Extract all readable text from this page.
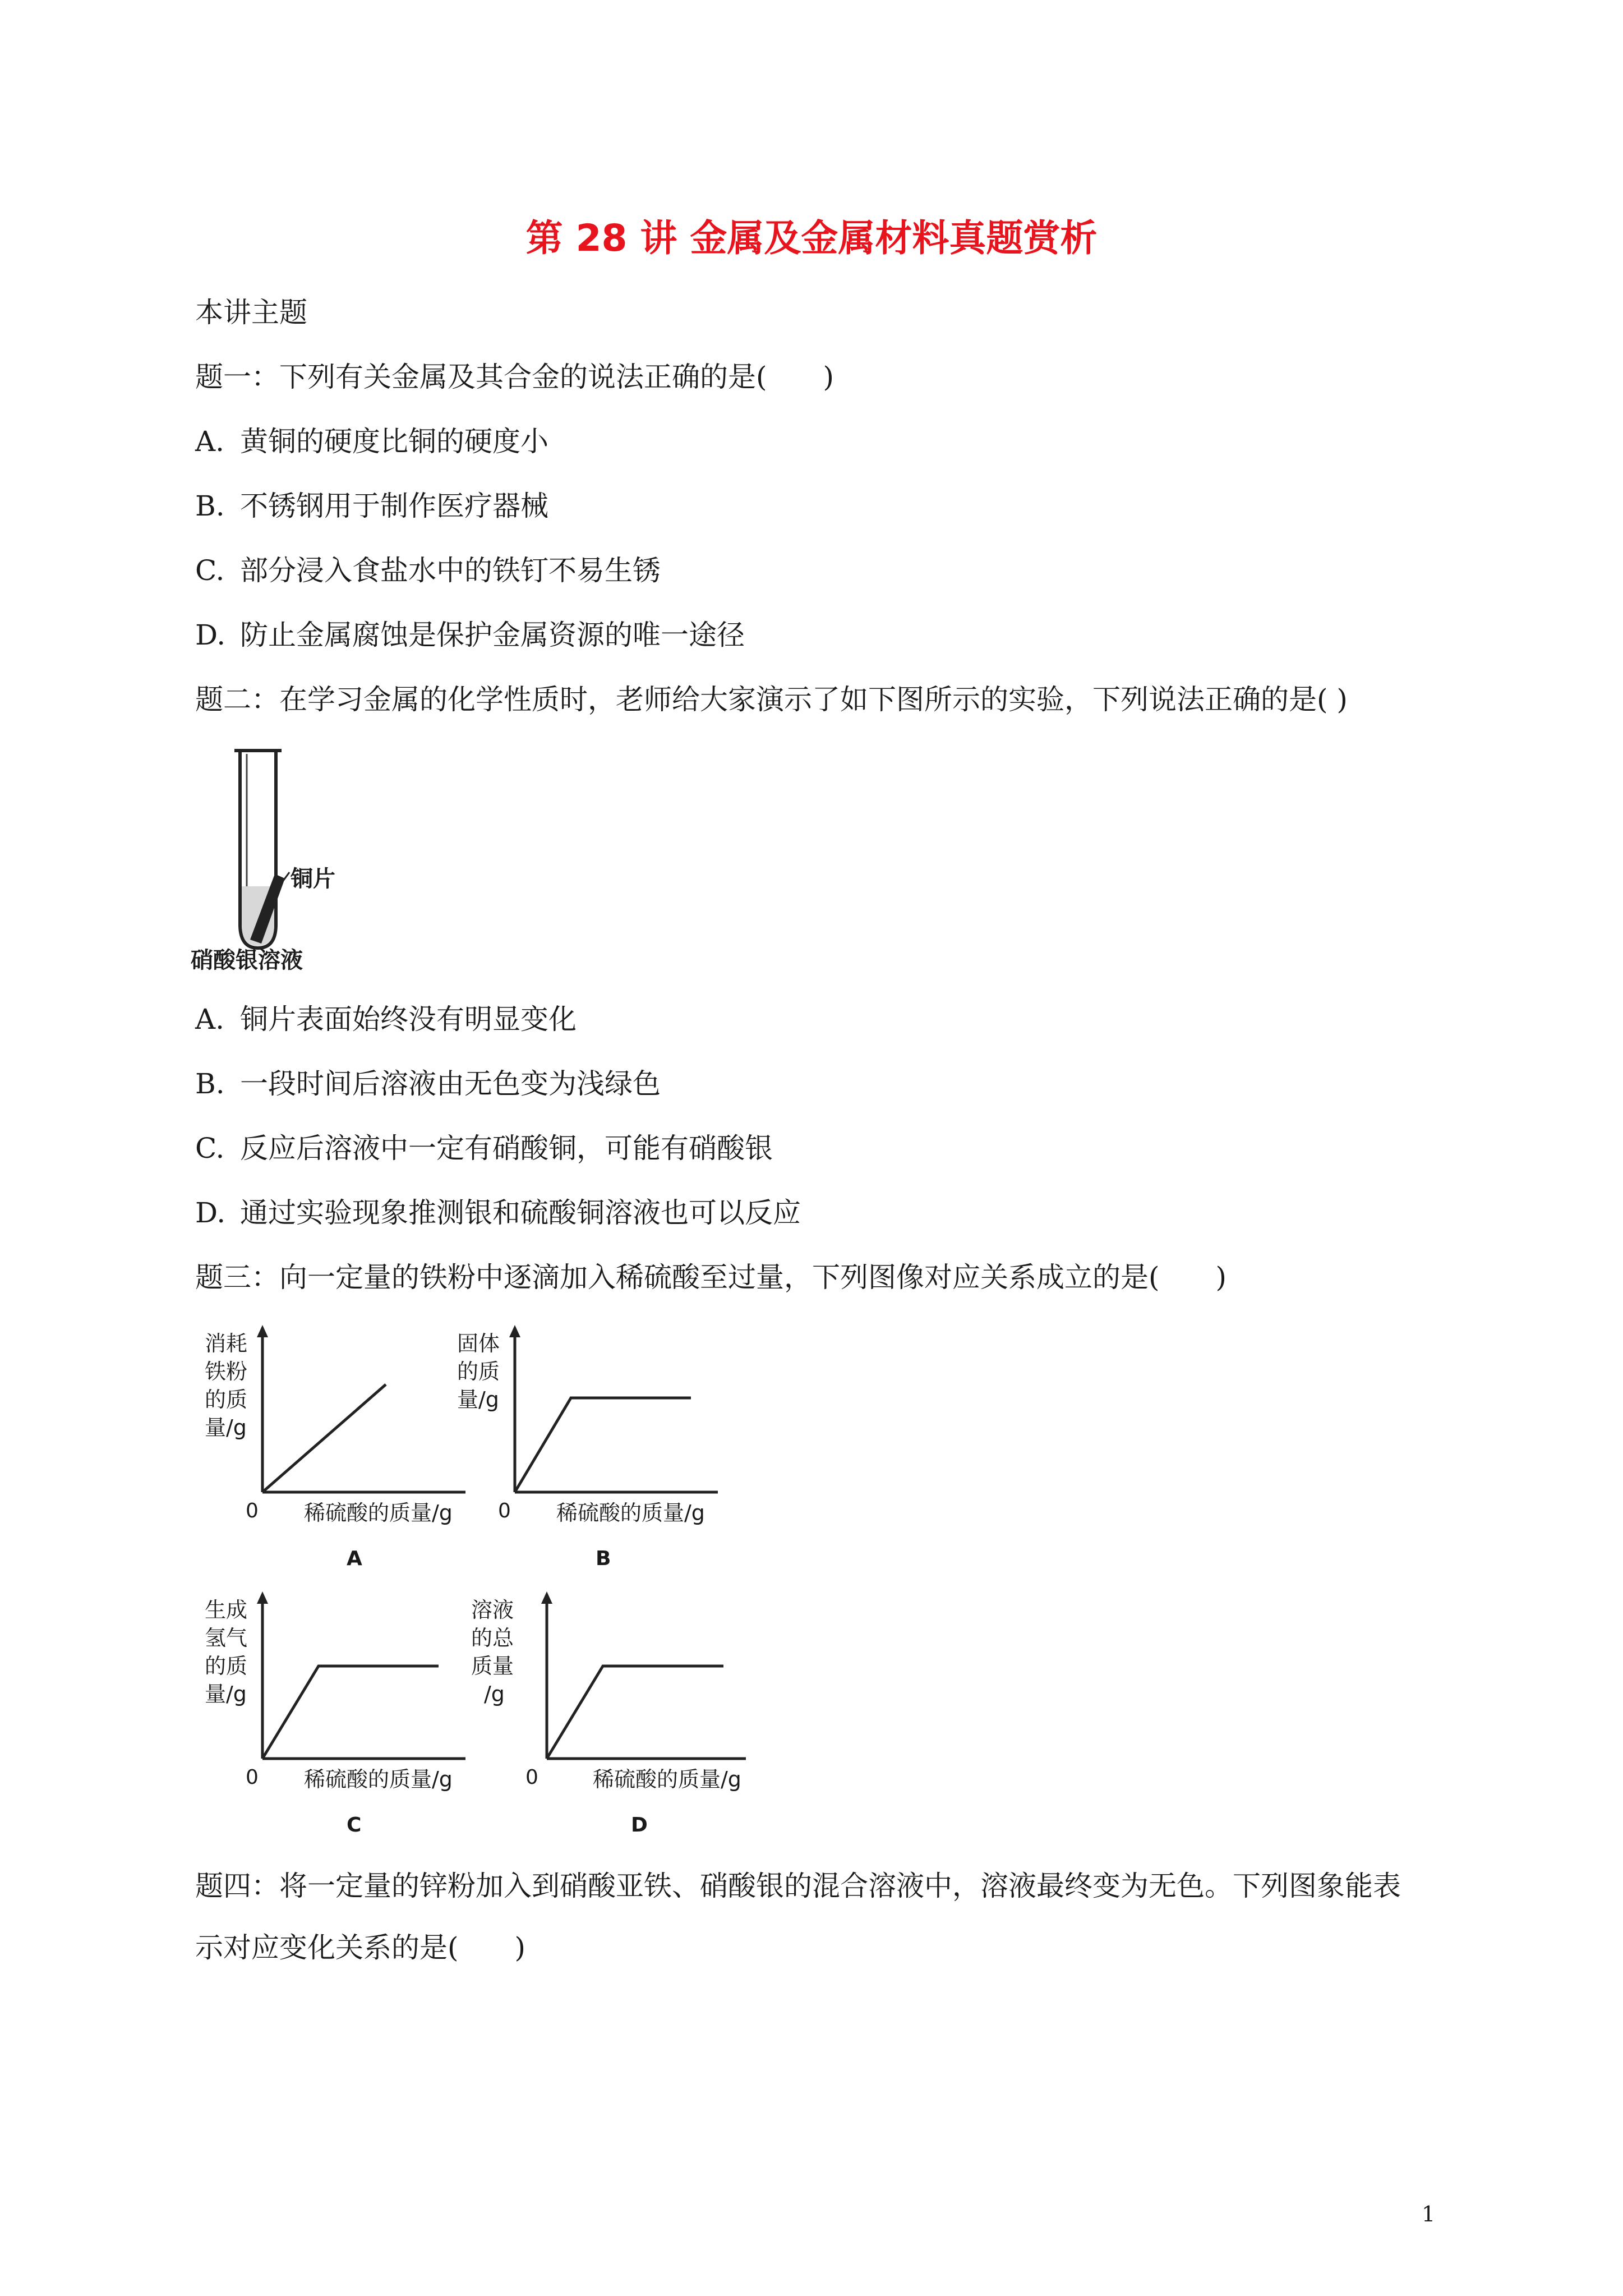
第 28 讲 金属及金属材料真题赏析
本讲主题
题一：下列有关金属及其合金的说法正确的是(　　)
A. 黄铜的硬度比铜的硬度小
B. 不锈钢用于制作医疗器械
C. 部分浸入食盐水中的铁钉不易生锈
D. 防止金属腐蚀是保护金属资源的唯一途径
题二：在学习金属的化学性质时，老师给大家演示了如下图所示的实验，下列说法正确的是( )
铜片
硝酸银溶液
A. 铜片表面始终没有明显变化
B. 一段时间后溶液由无色变为浅绿色
C. 反应后溶液中一定有硝酸铜，可能有硝酸银
D. 通过实验现象推测银和硫酸铜溶液也可以反应
题三：向一定量的铁粉中逐滴加入稀硫酸至过量，下列图像对应关系成立的是(　　)
消耗
铁粉
的质
量/g
0 稀硫酸的质量/g
A
固体
的质
量/g
0 稀硫酸的质量/g
B
生成
氢气
的质
量/g
0 稀硫酸的质量/g
C
溶液
的总
质量
/g
0	稀硫酸的质量/g
D
题四：将一定量的锌粉加入到硝酸亚铁、硝酸银的混合溶液中，溶液最终变为无色。下列图象能表
示对应变化关系的是(　　)
1
